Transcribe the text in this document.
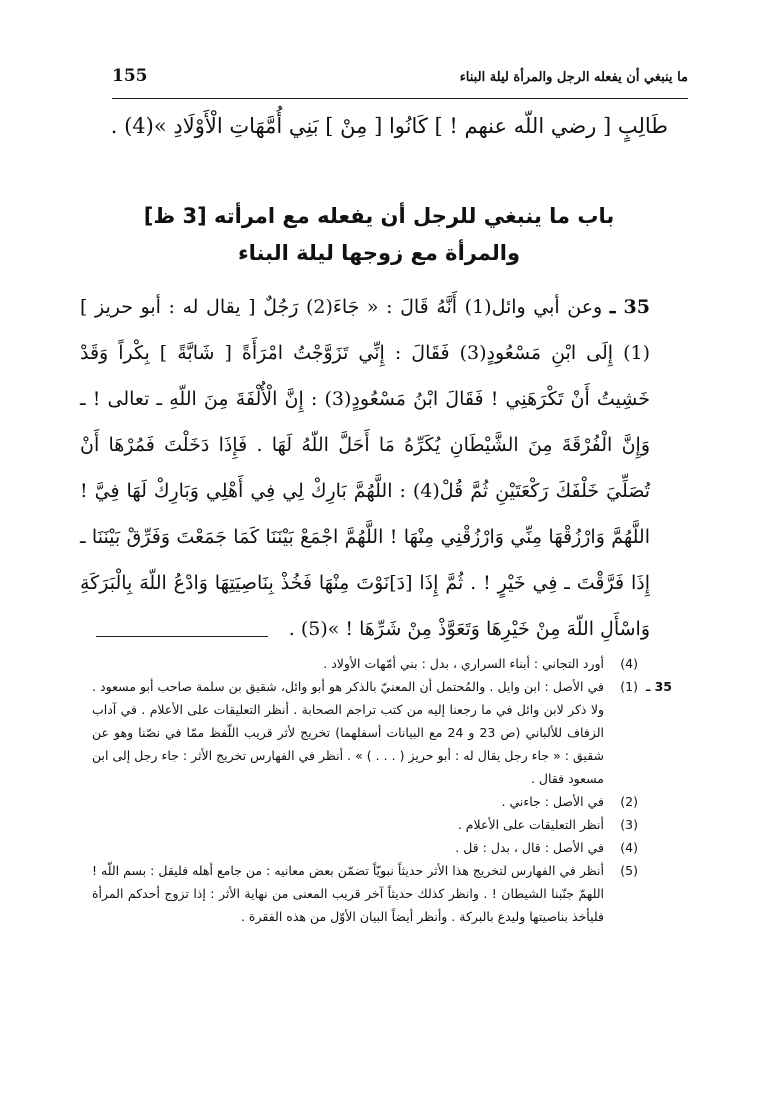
ما ينبغي أن يفعله الرجل والمرأة ليلة البناء
155
طَالِبٍ [ رضي اللّه عنهم ! ] كَانُوا [ مِنْ ] بَنِي أُمَّهَاتِ الْأَوْلَادِ »(4) .
باب ما ينبغي للرجل أن يفعله مع امرأته [3 ظ]
والمرأة مع زوجها ليلة البناء
35 ـ وعن أبي وائل(1) أَنَّهُ قَالَ : « جَاءَ(2) رَجُلٌ [ يقال له : أبو حريز ](1) إِلَى ابْنِ مَسْعُودٍ(3) فَقَالَ : إِنِّي تَزَوَّجْتُ امْرَأَةً [ شَابَّةً ] بِكْراً وَقَدْ خَشِيتُ أَنْ تَكْرَهَنِي ! فَقَالَ ابْنُ مَسْعُودٍ(3) : إِنَّ الْأُلْفَةَ مِنَ اللّهِ ـ تعالى ! ـ وَإِنَّ الْفُرْقَةَ مِنَ الشَّيْطَانِ يُكَرِّهُ مَا أَحَلَّ اللّهُ لَهَا . فَإِذَا دَخَلْتَ فَمُرْهَا أَنْ تُصَلِّيَ خَلْفَكَ رَكْعَتَيْنِ ثُمَّ قُلْ(4) : اللَّهُمَّ بَارِكْ لِي فِي أَهْلِي وَبَارِكْ لَهَا فِيَّ ! اللَّهُمَّ وَارْزُقْهَا مِنِّي وَارْزُقْنِي مِنْهَا ! اللَّهُمَّ اجْمَعْ بَيْنَنَا كَمَا جَمَعْتَ وَفَرِّقْ بَيْنَنَا ـ إِذَا فَرَّقْتَ ـ فِي خَيْرٍ ! . ثُمَّ إِذَا [دَ]نَوْتَ مِنْهَا فَخُذْ بِنَاصِيَتِهَا وَادْعُ اللّهَ بِالْبَرَكَةِ وَاسْأَلِ اللّهَ مِنْ خَيْرِهَا وَتَعَوَّذْ مِنْ شَرِّهَا ! »(5) .
(4)
أورد التجاني : أبناء السراري ، بدل : بني أمّهات الأولاد .
35 ـ
(1)
في الأصل : ابن وايل . والمُحتمل أن المعنيّ بالذكر هو أبو وائل، شقيق بن سلمة صاحب أبو مسعود . ولا ذكر لابن وائل في ما رجعنا إليه من كتب تراجم الصحابة . أنظر التعليقات على الأعلام . في آداب الزفاف للألباني (ص 23 و 24 مع البيانات أسفلهما) تخريج لأثر قريب اللّفظ ممّا في نصّنا وهو عن شقيق : « جاء رجل يقال له : أبو حريز ( . . . ) » . أنظر في الفهارس تخريج الأثر : جاء رجل إلى ابن مسعود فقال .
(2)
في الأصل : جاءني .
(3)
أنظر التعليقات على الأعلام .
(4)
في الأصل : قال ، بدل : قل .
(5)
أنظر في الفهارس لتخريج هذا الأثر حديثاً نبويّاً تضمّن بعض معانيه : من جامع أهله فليقل : بسم اللّه ! اللهمّ جنّبنا الشيطان ! . وانظر كذلك حديثاً آخر قريب المعنى من نهاية الأثر : إذا تزوج أحدكم المرأة فليأخذ بناصيتها وليدع بالبركة . وأنظر أيضاً البيان الأوّل من هذه الفقرة .
